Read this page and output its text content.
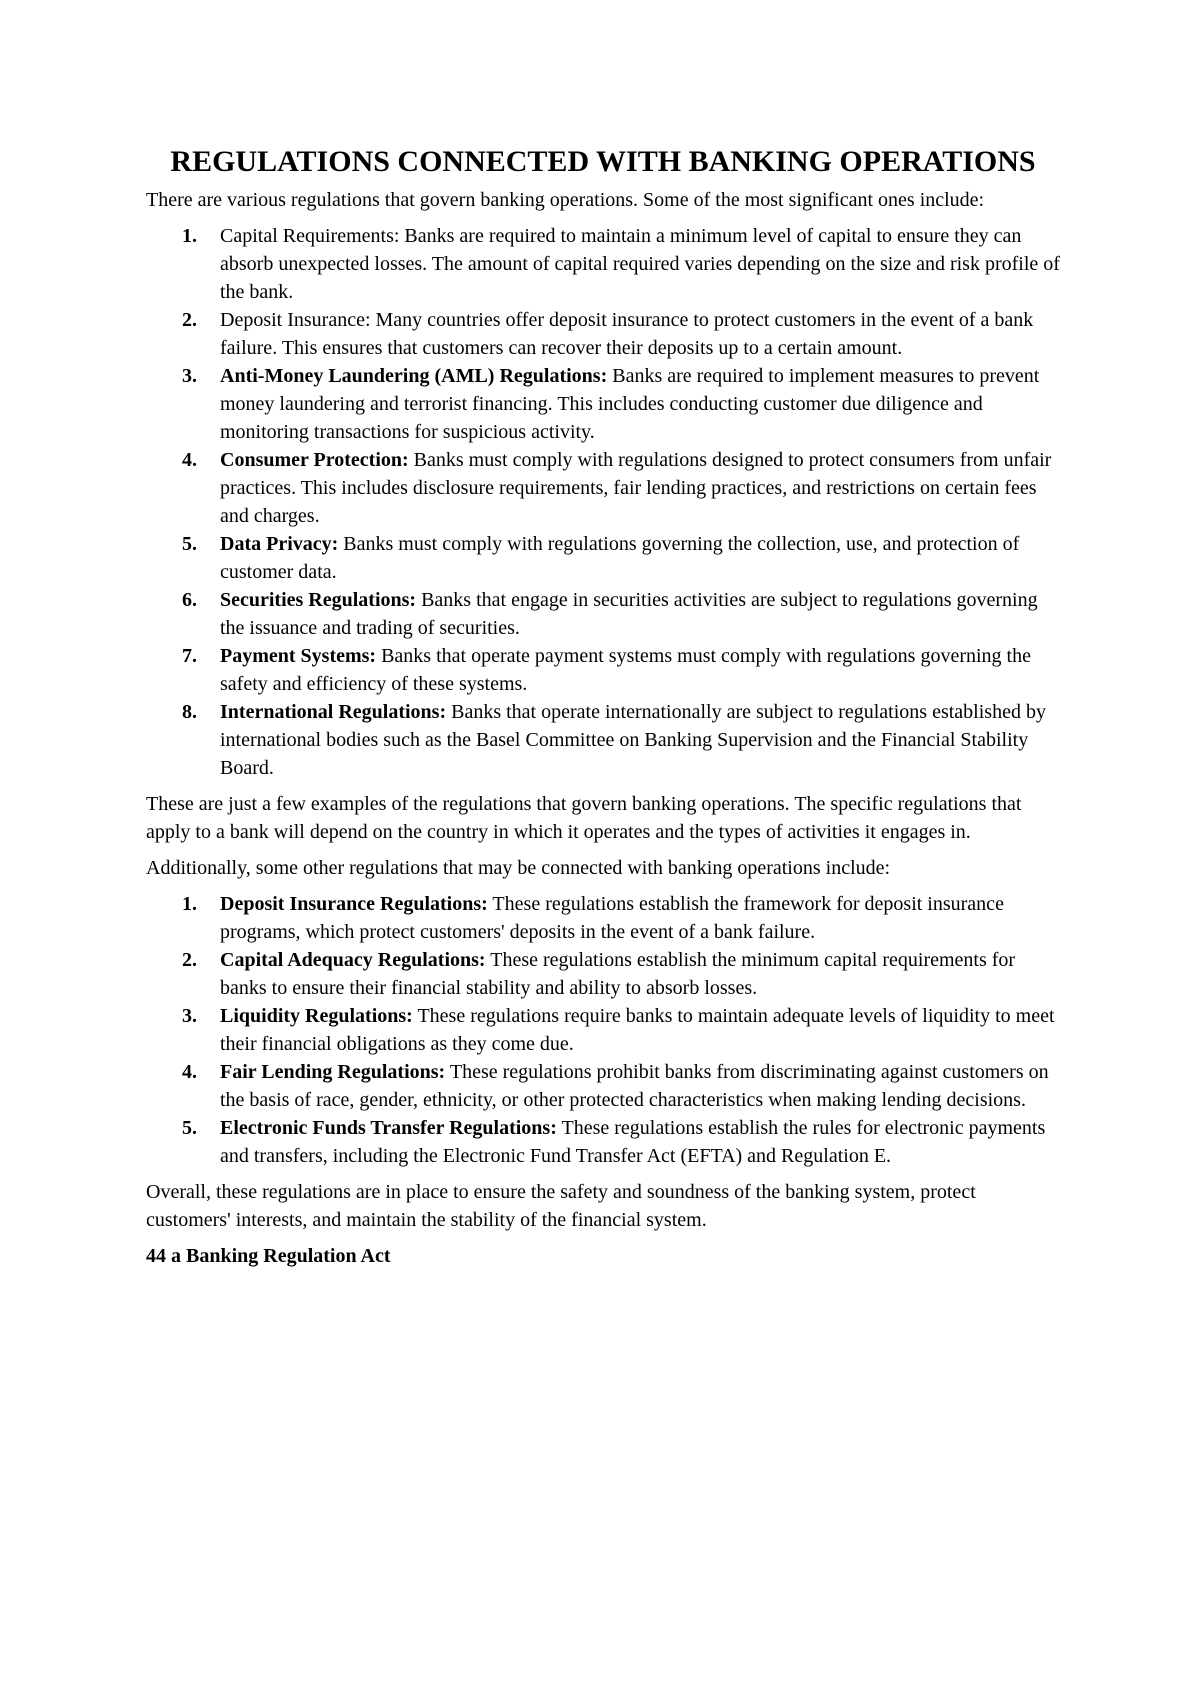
REGULATIONS CONNECTED WITH BANKING OPERATIONS

There are various regulations that govern banking operations. Some of the most significant ones include:

1. Capital Requirements: Banks are required to maintain a minimum level of capital to ensure they can absorb unexpected losses. The amount of capital required varies depending on the size and risk profile of the bank.
2. Deposit Insurance: Many countries offer deposit insurance to protect customers in the event of a bank failure. This ensures that customers can recover their deposits up to a certain amount.
3. Anti-Money Laundering (AML) Regulations: Banks are required to implement measures to prevent money laundering and terrorist financing. This includes conducting customer due diligence and monitoring transactions for suspicious activity.
4. Consumer Protection: Banks must comply with regulations designed to protect consumers from unfair practices. This includes disclosure requirements, fair lending practices, and restrictions on certain fees and charges.
5. Data Privacy: Banks must comply with regulations governing the collection, use, and protection of customer data.
6. Securities Regulations: Banks that engage in securities activities are subject to regulations governing the issuance and trading of securities.
7. Payment Systems: Banks that operate payment systems must comply with regulations governing the safety and efficiency of these systems.
8. International Regulations: Banks that operate internationally are subject to regulations established by international bodies such as the Basel Committee on Banking Supervision and the Financial Stability Board.

These are just a few examples of the regulations that govern banking operations. The specific regulations that apply to a bank will depend on the country in which it operates and the types of activities it engages in.

Additionally, some other regulations that may be connected with banking operations include:

1. Deposit Insurance Regulations: These regulations establish the framework for deposit insurance programs, which protect customers' deposits in the event of a bank failure.
2. Capital Adequacy Regulations: These regulations establish the minimum capital requirements for banks to ensure their financial stability and ability to absorb losses.
3. Liquidity Regulations: These regulations require banks to maintain adequate levels of liquidity to meet their financial obligations as they come due.
4. Fair Lending Regulations: These regulations prohibit banks from discriminating against customers on the basis of race, gender, ethnicity, or other protected characteristics when making lending decisions.
5. Electronic Funds Transfer Regulations: These regulations establish the rules for electronic payments and transfers, including the Electronic Fund Transfer Act (EFTA) and Regulation E.

Overall, these regulations are in place to ensure the safety and soundness of the banking system, protect customers' interests, and maintain the stability of the financial system.

44 a Banking Regulation Act
